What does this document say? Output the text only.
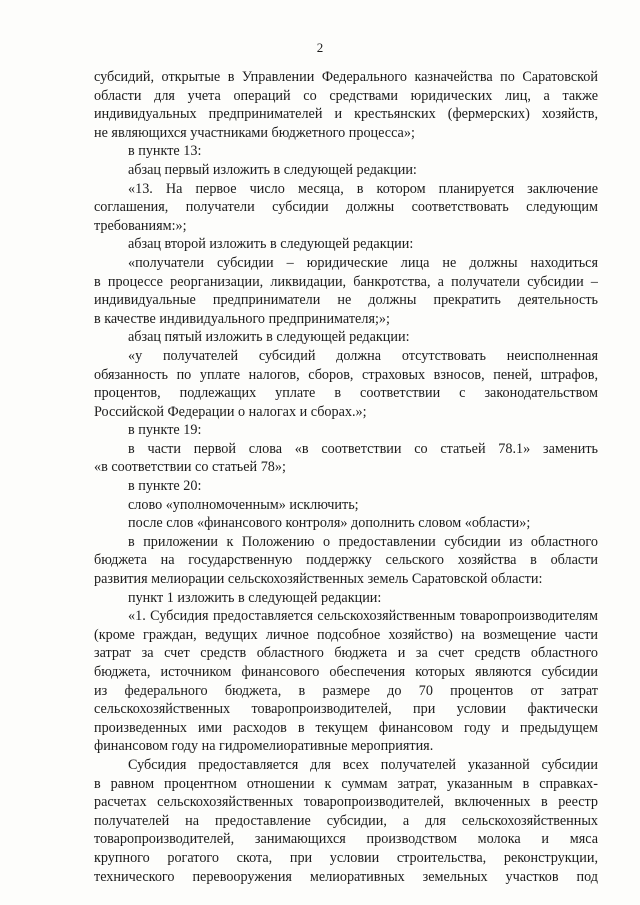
2
субсидий, открытые в Управлении Федерального казначейства по Саратовской
области для учета операций со средствами юридических лиц, а также
индивидуальных предпринимателей и крестьянских (фермерских) хозяйств,
не являющихся участниками бюджетного процесса»;
в пункте 13:
абзац первый изложить в следующей редакции:
«13. На первое число месяца, в котором планируется заключение
соглашения, получатели субсидии должны соответствовать следующим
требованиям:»;
абзац второй изложить в следующей редакции:
«получатели субсидии – юридические лица не должны находиться
в процессе реорганизации, ликвидации, банкротства, а получатели субсидии –
индивидуальные предприниматели не должны прекратить деятельность
в качестве индивидуального предпринимателя;»;
абзац пятый изложить в следующей редакции:
«у получателей субсидий должна отсутствовать неисполненная
обязанность по уплате налогов, сборов, страховых взносов, пеней, штрафов,
процентов, подлежащих уплате в соответствии с законодательством
Российской Федерации о налогах и сборах.»;
в пункте 19:
в части первой слова «в соответствии со статьей 78.1» заменить
«в соответствии со статьей 78»;
в пункте 20:
слово «уполномоченным» исключить;
после слов «финансового контроля» дополнить словом «области»;
в приложении к Положению о предоставлении субсидии из областного
бюджета на государственную поддержку сельского хозяйства в области
развития мелиорации сельскохозяйственных земель Саратовской области:
пункт 1 изложить в следующей редакции:
«1. Субсидия предоставляется сельскохозяйственным товаропроизводителям
(кроме граждан, ведущих личное подсобное хозяйство) на возмещение части
затрат за счет средств областного бюджета и за счет средств областного
бюджета, источником финансового обеспечения которых являются субсидии
из федерального бюджета, в размере до 70 процентов от затрат
сельскохозяйственных товаропроизводителей, при условии фактически
произведенных ими расходов в текущем финансовом году и предыдущем
финансовом году на гидромелиоративные мероприятия.
Субсидия предоставляется для всех получателей указанной субсидии
в равном процентном отношении к суммам затрат, указанным в справках-
расчетах сельскохозяйственных товаропроизводителей, включенных в реестр
получателей на предоставление субсидии, а для сельскохозяйственных
товаропроизводителей, занимающихся производством молока и мяса
крупного рогатого скота, при условии строительства, реконструкции,
технического перевооружения мелиоративных земельных участков под
